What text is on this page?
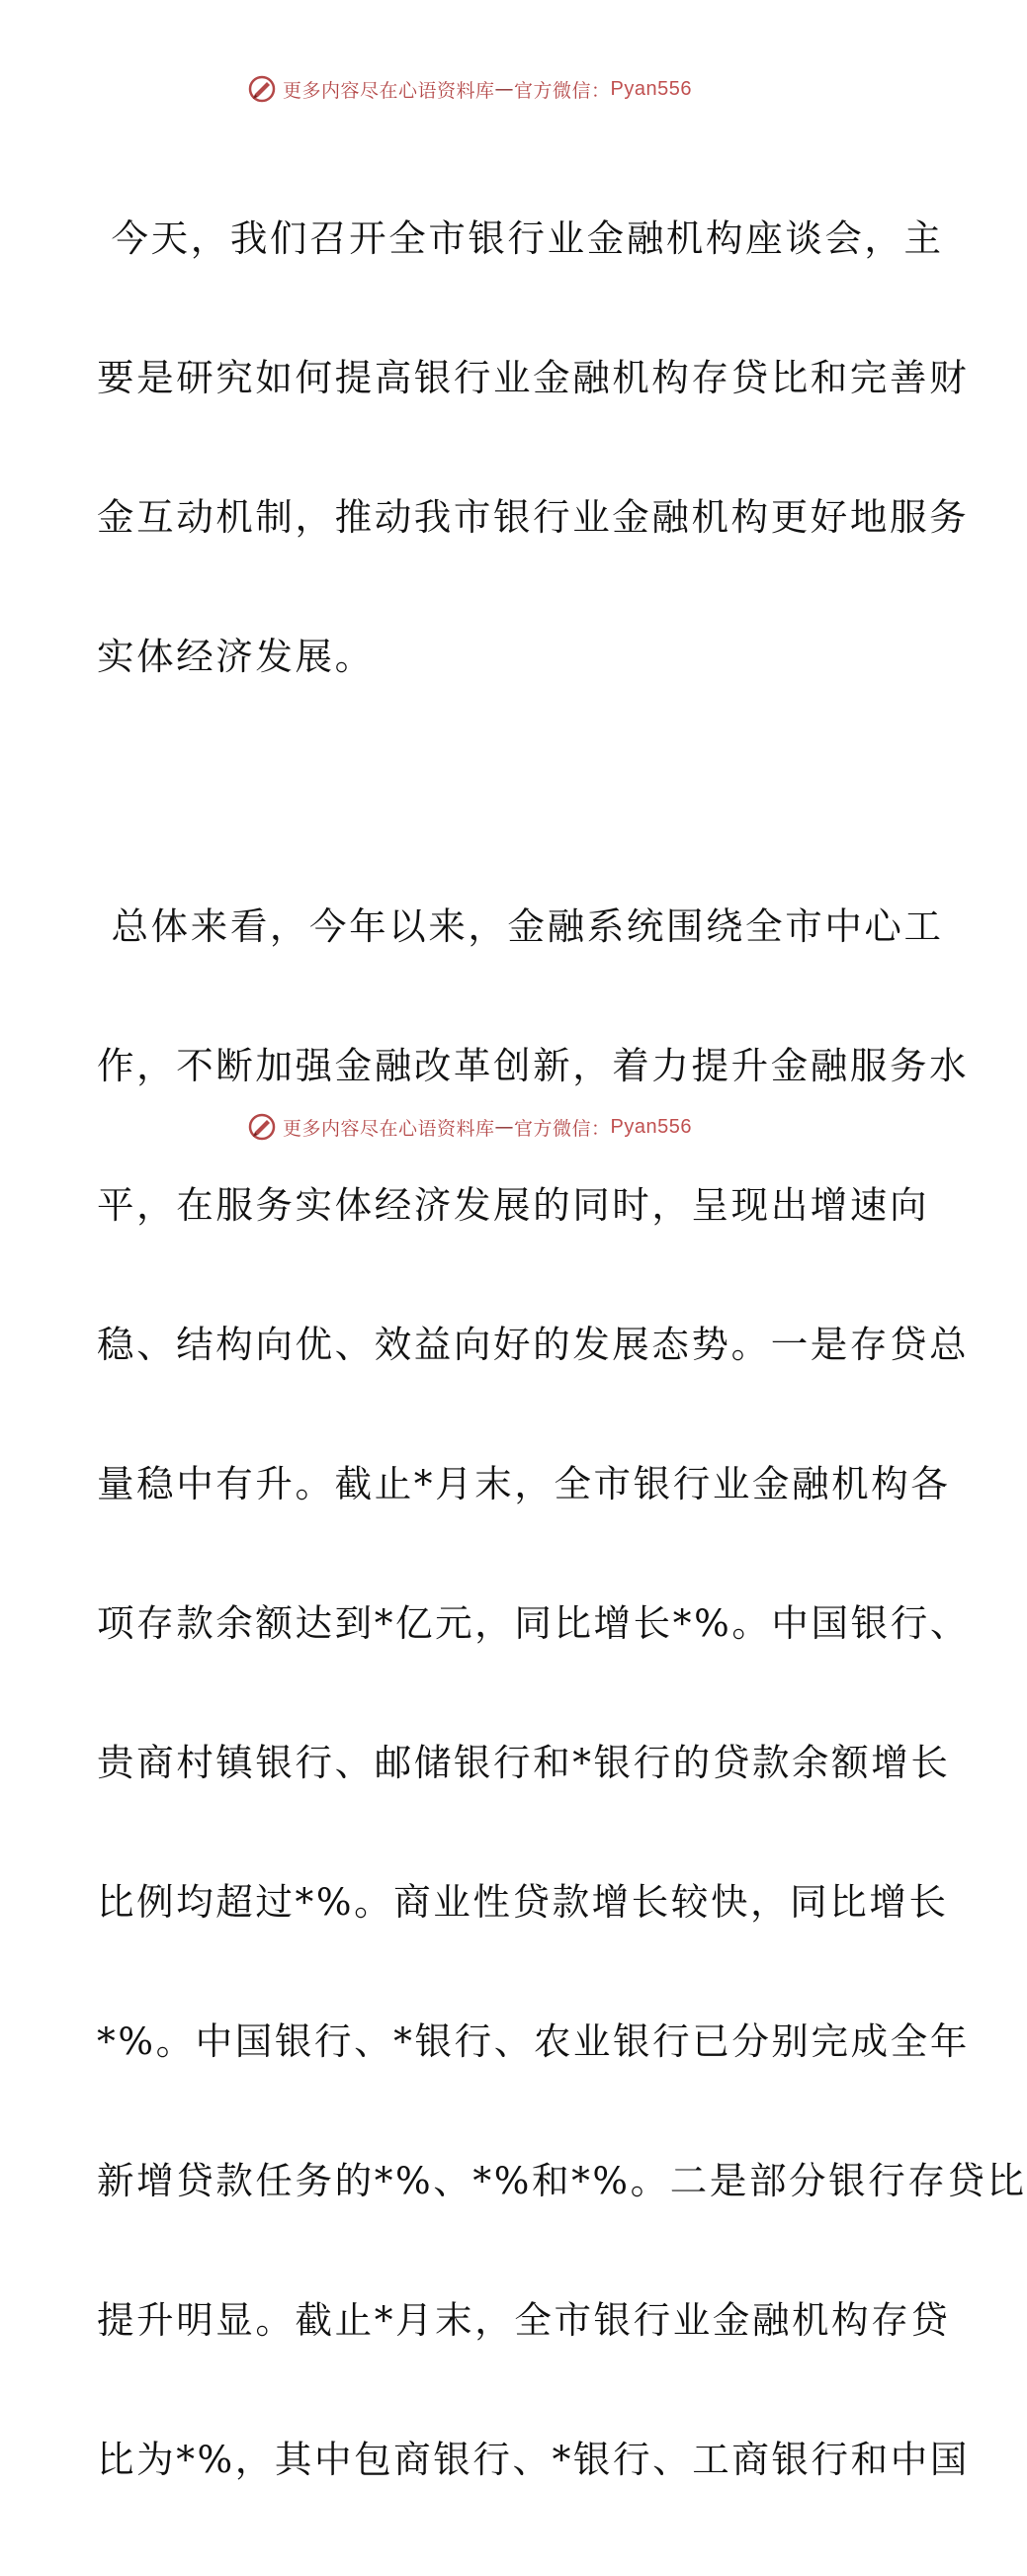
更多内容尽在心语资料库 — 官方微信： Pyan556

今天，我们召开全市银行业金融机构座谈会，主

要是研究如何提高银行业金融机构存贷比和完善财

金互动机制，推动我市银行业金融机构更好地服务

实体经济发展。

总体来看，今年以来，金融系统围绕全市中心工

作，不断加强金融改革创新，着力提升金融服务水

平，在服务实体经济发展的同时，呈现出增速向

稳、结构向优、效益向好的发展态势。一是存贷总

量稳中有升。截止*月末，全市银行业金融机构各

项存款余额达到*亿元，同比增长*%。中国银行、

贵商村镇银行、邮储银行和*银行的贷款余额增长

比例均超过*%。商业性贷款增长较快，同比增长

*%。中国银行、*银行、农业银行已分别完成全年

新增贷款任务的*%、*%和*%。二是部分银行存贷比

提升明显。截止*月末，全市银行业金融机构存贷

比为*%，其中包商银行、*银行、工商银行和中国

更多内容尽在心语资料库 — 官方微信： Pyan556
